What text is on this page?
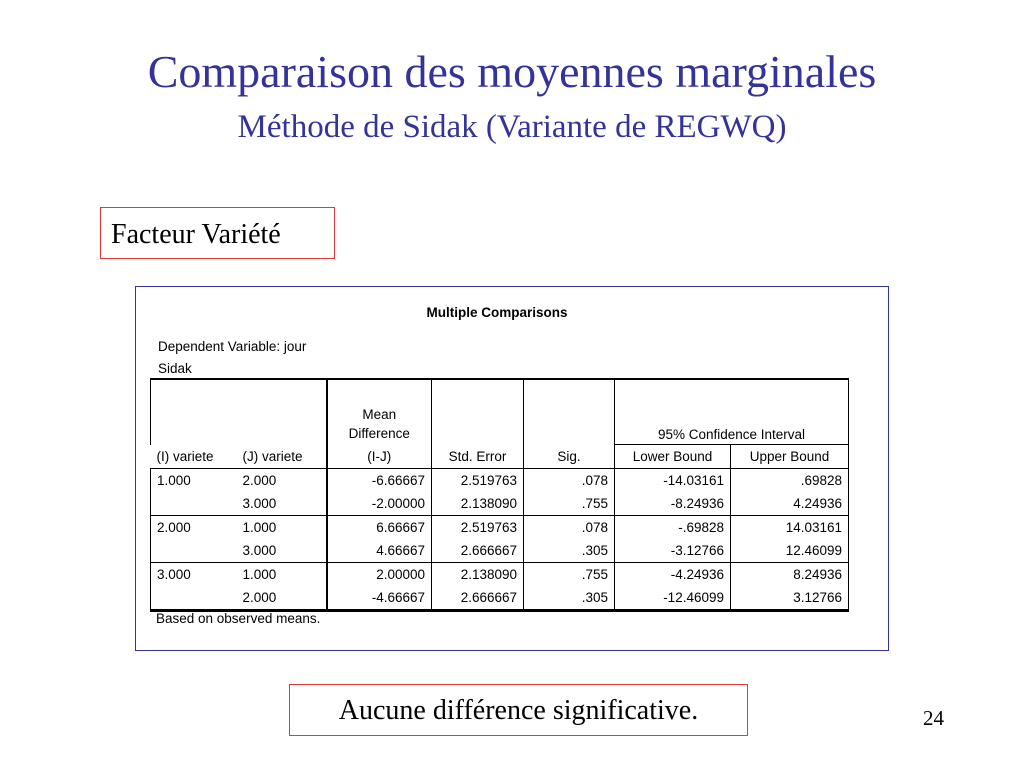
Comparaison des moyennes marginales
Méthode de Sidak (Variante de REGWQ)
Facteur Variété
Multiple Comparisons
Dependent Variable: jour
Sidak

		Mean
Difference			95% Confidence Interval	

(I) variete	(J) variete	(I-J)	Std. Error	Sig.	Lower Bound	Upper Bound
1.000	2.000	-6.66667	2.519763	.078	-14.03161	.69828
	3.000	-2.00000	2.138090	.755	-8.24936	4.24936
2.000	1.000	6.66667	2.519763	.078	-.69828	14.03161
	3.000	4.66667	2.666667	.305	-3.12766	12.46099
3.000	1.000	2.00000	2.138090	.755	-4.24936	8.24936
	2.000	-4.66667	2.666667	.305	-12.46099	3.12766
Based on observed means.
Aucune différence significative.	24
